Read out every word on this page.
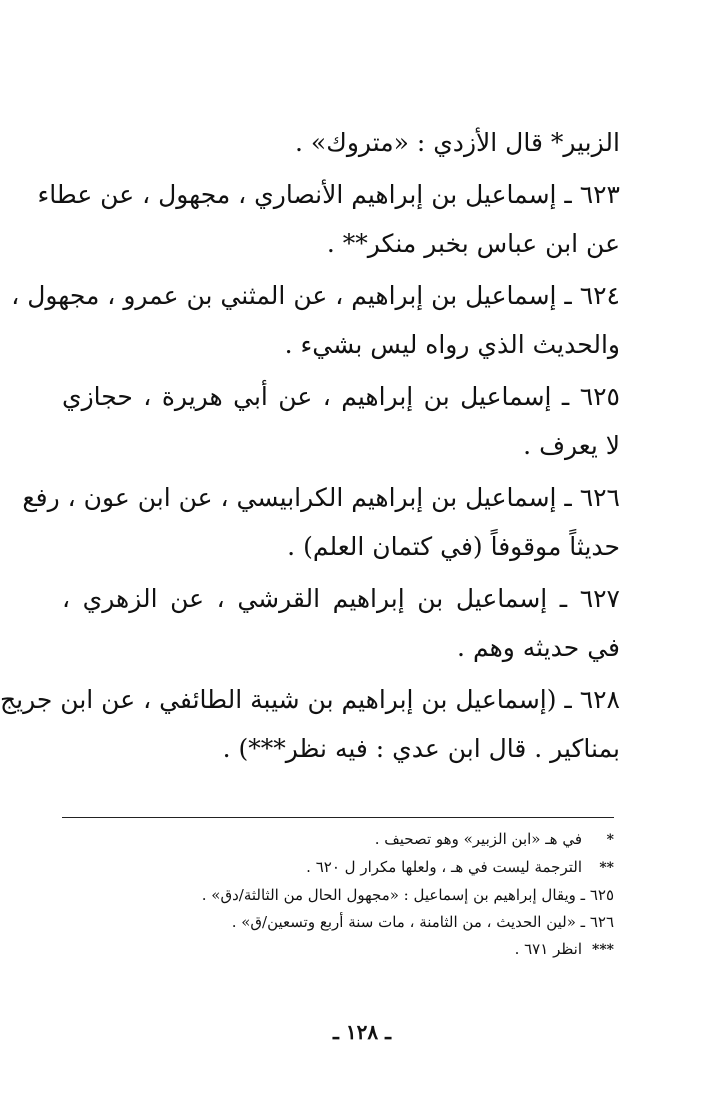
الزبير* قال الأزدي : «متروك» .
٦٢٣ ـ إسماعيل بن إبراهيم الأنصاري ، مجهول ، عن عطاء
عن ابن عباس بخبر منكر** .
٦٢٤ ـ إسماعيل بن إبراهيم ، عن المثني بن عمرو ، مجهول ،
والحديث الذي رواه ليس بشيء .
٦٢٥ ـ إسماعيل بن إبراهيم ، عن أبي هريرة ، حجازي
لا يعرف .
٦٢٦ ـ إسماعيل بن إبراهيم الكرابيسي ، عن ابن عون ، رفع
حديثاً موقوفاً (في كتمان العلم) .
٦٢٧ ـ إسماعيل بن إبراهيم القرشي ، عن الزهري ،
في حديثه وهم .
٦٢٨ ـ (إسماعيل بن إبراهيم بن شيبة الطائفي ، عن ابن جريج
بمناكير . قال ابن عدي : فيه نظر***) .
*في هـ «ابن الزبير» وهو تصحيف .
**الترجمة ليست في هـ ، ولعلها مكرار ل ٦٢٠ .
٦٢٥ ـ ويقال إبراهيم بن إسماعيل : «مجهول الحال من الثالثة/دق» .
٦٢٦ ـ «لين الحديث ، من الثامنة ، مات سنة أربع وتسعين/ق» .
***انظر ٦٧١ .
ـ ١٢٨ ـ
